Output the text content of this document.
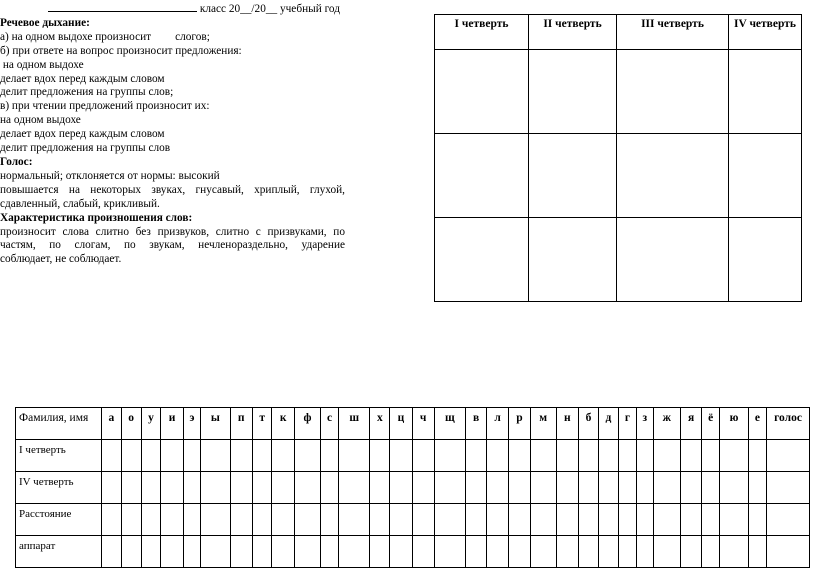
класс 20__/20__ учебный год

Речевое дыхание:

а) на одном выдохе произносит слогов;

б) при ответе на вопрос произносит предложения:

на одном выдохе

делает вдох перед каждым словом

делит предложения на группы слов;

в) при чтении предложений произносит их:

на одном выдохе

делает вдох перед каждым словом

делит предложения на группы слов

Голос:

нормальный; отклоняется от нормы: высокий

повышается на некоторых звуках, гнусавый, хриплый, глухой,

сдавленный, слабый, крикливый.

Характеристика произношения слов:

произносит слова слитно без призвуков, слитно с призвуками, по

частям, по слогам, по звукам, нечленораздельно, ударение

соблюдает, не соблюдает.

I четверть	II четверть	III четверть	IV четверть

Фамилия, имя	а	о	у	и	э	ы	п	т	к	ф	с	ш	х	ц	ч	щ	в	л	р	м	н	б	д	г	з	ж	я	ё	ю	е	голос
I четверть																															
IV четверть																															
Расстояние																															
аппарат																															
